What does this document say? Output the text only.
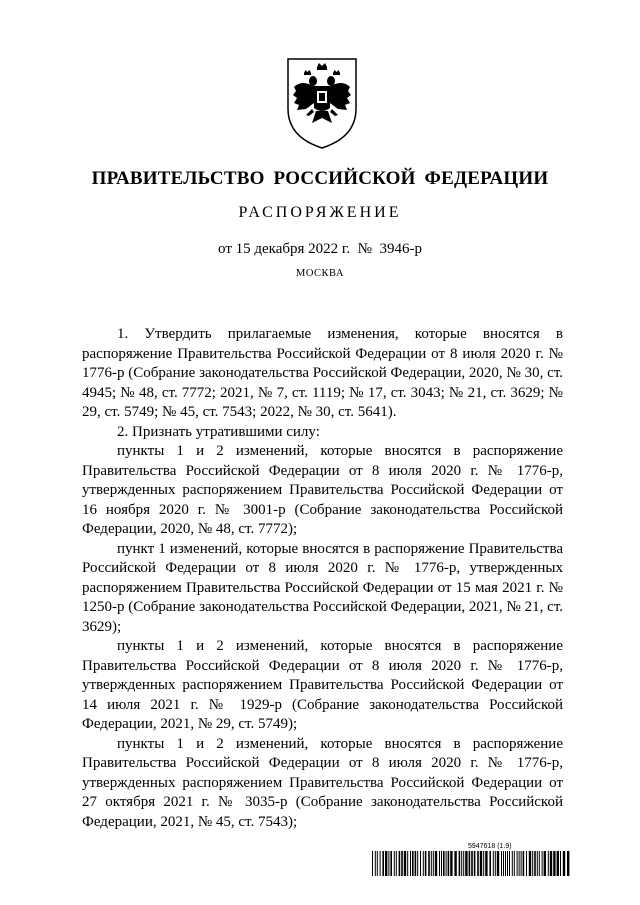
ПРАВИТЕЛЬСТВО РОССИЙСКОЙ ФЕДЕРАЦИИ
РАСПОРЯЖЕНИЕ
от 15 декабря 2022 г.  №  3946-р
МОСКВА

1. Утвердить прилагаемые изменения, которые вносятся в распоряжение Правительства Российской Федерации от 8 июля 2020 г. № 1776-р (Собрание законодательства Российской Федерации, 2020, № 30, ст. 4945; № 48, ст. 7772; 2021, № 7, ст. 1119; № 17, ст. 3043; № 21, ст. 3629; № 29, ст. 5749; № 45, ст. 7543; 2022, № 30, ст. 5641).

2. Признать утратившими силу:

пункты 1 и 2 изменений, которые вносятся в распоряжение Правительства Российской Федерации от 8 июля 2020 г. № 1776-р, утвержденных распоряжением Правительства Российской Федерации от 16 ноября 2020 г. № 3001-р (Собрание законодательства Российской Федерации, 2020, № 48, ст. 7772);

пункт 1 изменений, которые вносятся в распоряжение Правительства Российской Федерации от 8 июля 2020 г. № 1776-р, утвержденных распоряжением Правительства Российской Федерации от 15 мая 2021 г. № 1250-р (Собрание законодательства Российской Федерации, 2021, № 21, ст. 3629);

пункты 1 и 2 изменений, которые вносятся в распоряжение Правительства Российской Федерации от 8 июля 2020 г. № 1776-р, утвержденных распоряжением Правительства Российской Федерации от 14 июля 2021 г. № 1929-р (Собрание законодательства Российской Федерации, 2021, № 29, ст. 5749);

пункты 1 и 2 изменений, которые вносятся в распоряжение Правительства Российской Федерации от 8 июля 2020 г. № 1776-р, утвержденных распоряжением Правительства Российской Федерации от 27 октября 2021 г. № 3035-р (Собрание законодательства Российской Федерации, 2021, № 45, ст. 7543);

5947618 (1.9)
